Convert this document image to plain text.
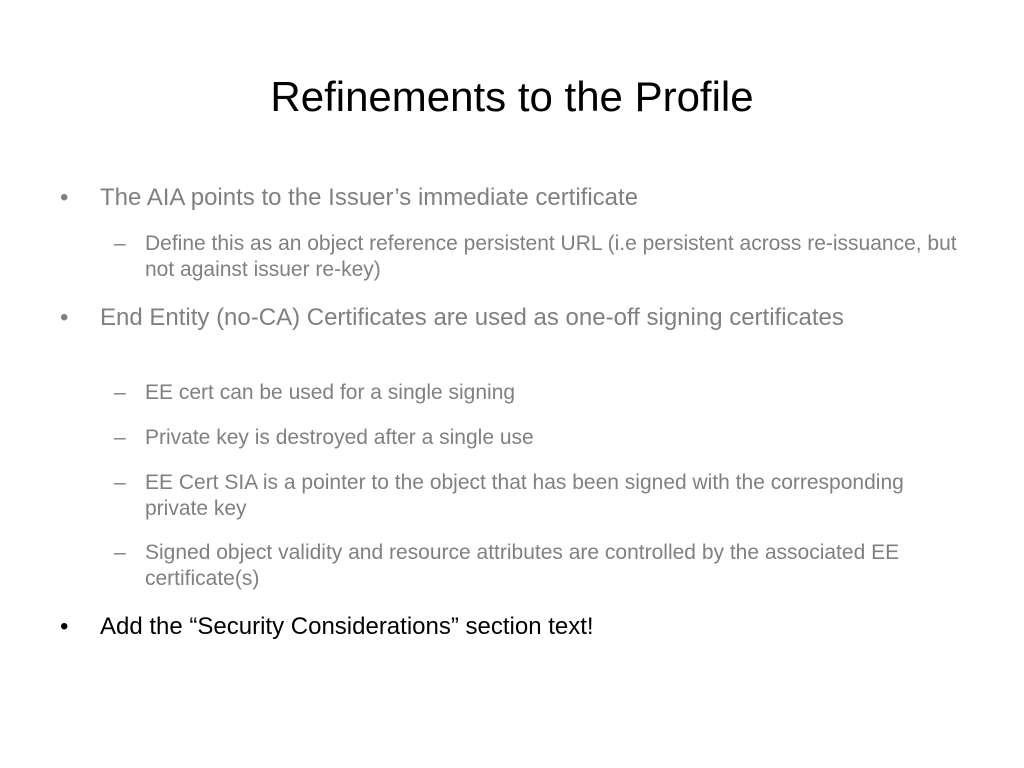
Refinements to the Profile
• The AIA points to the Issuer’s immediate certificate
– Define this as an object reference persistent URL (i.e persistent across re-issuance, but not against issuer re-key)
• End Entity (no-CA) Certificates are used as one-off signing certificates
– EE cert can be used for a single signing
– Private key is destroyed after a single use
– EE Cert SIA is a pointer to the object that has been signed with the corresponding private key
– Signed object validity and resource attributes are controlled by the associated EE certificate(s)
• Add the “Security Considerations” section text!
